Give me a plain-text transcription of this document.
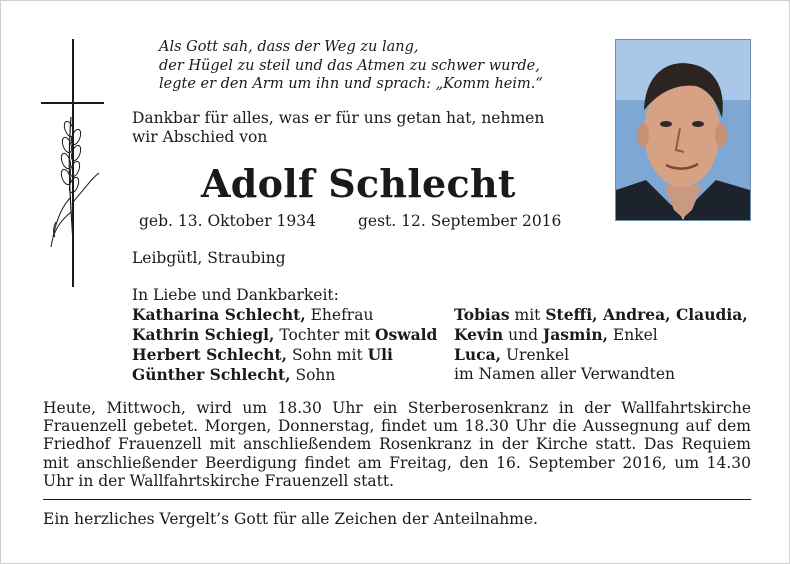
Als Gott sah, dass der Weg zu lang,
der Hügel zu steil und das Atmen zu schwer wurde,
legte er den Arm um ihn und sprach: „Komm heim.“
Dankbar für alles, was er für uns getan hat, nehmen
wir Abschied von
Adolf Schlecht
geb. 13. Oktober 1934	gest. 12. September 2016
Leibgütl, Straubing
In Liebe und Dankbarkeit:
Katharina Schlecht, Ehefrau
Kathrin Schiegl, Tochter mit Oswald
Herbert Schlecht, Sohn mit Uli
Günther Schlecht, Sohn
Tobias mit Steffi, Andrea, Claudia,
Kevin und Jasmin, Enkel
Luca, Urenkel
im Namen aller Verwandten
Heute, Mittwoch, wird um 18.30 Uhr ein Sterberosenkranz in der Wallfahrtskirche Frauenzell gebetet. Morgen, Donnerstag, findet um 18.30 Uhr die Aussegnung auf dem Friedhof Frauenzell mit anschließendem Rosenkranz in der Kirche statt. Das Requiem mit anschließender Beerdigung findet am Freitag, den 16. September 2016, um 14.30 Uhr in der Wallfahrtskirche Frauenzell statt.
Ein herzliches Vergelt’s Gott für alle Zeichen der Anteilnahme.
